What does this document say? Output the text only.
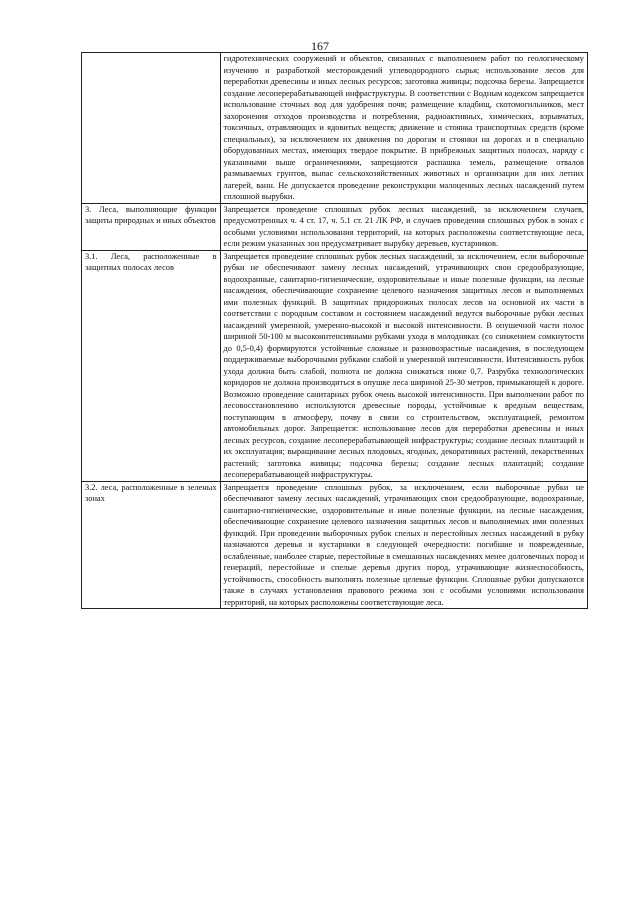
167
	гидротехнических сооружений и объектов, связанных с выполнением работ по геологическому изучению и разработкой месторождений углеводородного сырья; использование лесов для переработки древесины и иных лесных ресурсов; заготовка живицы; подсочка березы. Запрещается создание лесоперерабатывающей инфраструктуры. В соответствии с Водным кодексом запрещается использование сточных вод для удобрения почв; размещение кладбищ, скотомогильников, мест захоронения отходов производства и потребления, радиоактивных, химических, взрывчатых, токсичных, отравляющих и ядовитых веществ; движение и стоянка транспортных средств (кроме специальных), за исключением их движения по дорогам и стоянки на дорогах и в специально оборудованных местах, имеющих твердое покрытие. В прибрежных защитных полосах, наряду с указанными выше ограничениями, запрещаются распашка земель, размещение отвалов размываемых грунтов, выпас сельскохозяйственных животных и организации для них летних лагерей, ванн. Не допускается проведение реконструкции малоценных лесных насаждений путем сплошной вырубки.

3. Леса, выполняющие функции защиты природных и иных объектов	Запрещается проведение сплошных рубок лесных насаждений, за исключением случаев, предусмотренных ч. 4 ст. 17, ч. 5.1 ст. 21 ЛК РФ, и случаев проведения сплошных рубок в зонах с особыми условиями использования территорий, на которых расположены соответствующие леса, если режим указанных зон предусматривает вырубку деревьев, кустарников.

3.1. Леса, расположенные в защитных полосах лесов	Запрещается проведение сплошных рубок лесных насаждений, за исключением, если выборочные рубки не обеспечивают замену лесных насаждений, утрачивающих свои средообразующие, водоохранные, санитарно-гигиенические, оздоровительные и иные полезные функции, на лесные насаждения, обеспечивающие сохранение целевого назначения защитных лесов и выполняемых ими полезных функций. В защитных придорожных полосах лесов на основной их части в соответствии с породным составом и состоянием насаждений ведутся выборочные рубки лесных насаждений умеренной, умеренно-высокой и высокой интенсивности. В опушечной части полос шириной 50-100 м высокоинтенсивными рубками ухода в молодняках (со снижением сомкнутости до 0,5-0,4) формируются устойчивые сложные и разновозрастные насаждения, в последующем поддерживаемые выборочными рубками слабой и умеренной интенсивности. Интенсивность рубок ухода должна быть слабой, полнота не должна снижаться ниже 0,7. Разрубка технологических коридоров не должна производиться в опушке леса шириной 25-30 метров, примыкающей к дороге. Возможно проведение санитарных рубок очень высокой интенсивности. При выполнении работ по лесовосстановлению используются древесные породы, устойчивые к вредным веществам, поступающим в атмосферу, почву в связи со строительством, эксплуатацией, ремонтом автомобильных дорог. Запрещается: использование лесов для переработки древесины и иных лесных ресурсов, создание лесоперерабатывающей инфраструктуры; создание лесных плантаций и их эксплуатация; выращивание лесных плодовых, ягодных, декоративных растений, лекарственных растений; заготовка живицы; подсочка березы; создание лесных плантаций; создание лесоперерабатывающей инфраструктуры.

3.2. леса, расположенные в зеленых зонах	Запрещается проведение сплошных рубок, за исключением, если выборочные рубки не обеспечивают замену лесных насаждений, утрачивающих свои средообразующие, водоохранные, санитарно-гигиенические, оздоровительные и иные полезные функции, на лесные насаждения, обеспечивающие сохранение целевого назначения защитных лесов и выполняемых ими полезных функций. При проведении выборочных рубок спелых и перестойных лесных насаждений в рубку назначаются деревья и кустарники в следующей очередности: погибшие и поврежденные, ослабленные, наиболее старые, перестойные в смешанных насаждениях менее долговечных пород и генераций, перестойные и спелые деревья других пород, утрачивающие жизнеспособность, устойчивость, способность выполнять полезные целевые функции. Сплошные рубки допускаются также в случаях установления правового режима зон с особыми условиями использования территорий, на которых расположены соответствующие леса.
